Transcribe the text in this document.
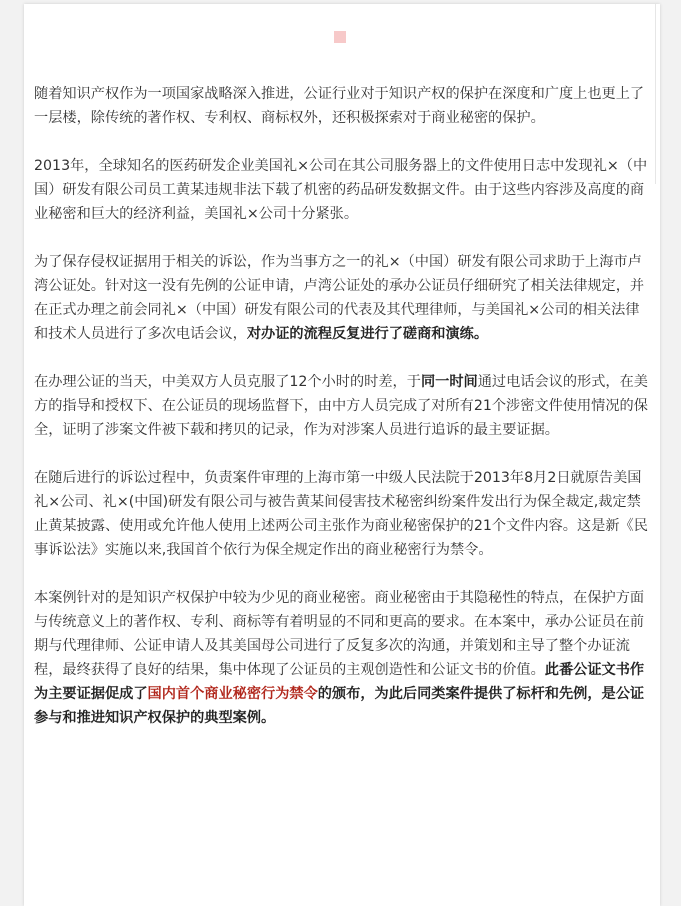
随着知识产权作为一项国家战略深入推进，公证行业对于知识产权的保护在深度和广度上也更上了一层楼，除传统的著作权、专利权、商标权外，还积极探索对于商业秘密的保护。

2013年，全球知名的医药研发企业美国礼×公司在其公司服务器上的文件使用日志中发现礼×（中国）研发有限公司员工黄某违规非法下载了机密的药品研发数据文件。由于这些内容涉及高度的商业秘密和巨大的经济利益，美国礼×公司十分紧张。

为了保存侵权证据用于相关的诉讼，作为当事方之一的礼×（中国）研发有限公司求助于上海市卢湾公证处。针对这一没有先例的公证申请，卢湾公证处的承办公证员仔细研究了相关法律规定，并在正式办理之前会同礼×（中国）研发有限公司的代表及其代理律师，与美国礼×公司的相关法律和技术人员进行了多次电话会议，对办证的流程反复进行了磋商和演练。

在办理公证的当天，中美双方人员克服了12个小时的时差，于同一时间通过电话会议的形式，在美方的指导和授权下、在公证员的现场监督下，由中方人员完成了对所有21个涉密文件使用情况的保全，证明了涉案文件被下载和拷贝的记录，作为对涉案人员进行追诉的最主要证据。

在随后进行的诉讼过程中，负责案件审理的上海市第一中级人民法院于2013年8月2日就原告美国礼×公司、礼×(中国)研发有限公司与被告黄某间侵害技术秘密纠纷案件发出行为保全裁定,裁定禁止黄某披露、使用或允许他人使用上述两公司主张作为商业秘密保护的21个文件内容。这是新《民事诉讼法》实施以来,我国首个依行为保全规定作出的商业秘密行为禁令。

本案例针对的是知识产权保护中较为少见的商业秘密。商业秘密由于其隐秘性的特点，在保护方面与传统意义上的著作权、专利、商标等有着明显的不同和更高的要求。在本案中，承办公证员在前期与代理律师、公证申请人及其美国母公司进行了反复多次的沟通，并策划和主导了整个办证流程，最终获得了良好的结果，集中体现了公证员的主观创造性和公证文书的价值。此番公证文书作为主要证据促成了国内首个商业秘密行为禁令的颁布，为此后同类案件提供了标杆和先例，是公证参与和推进知识产权保护的典型案例。
